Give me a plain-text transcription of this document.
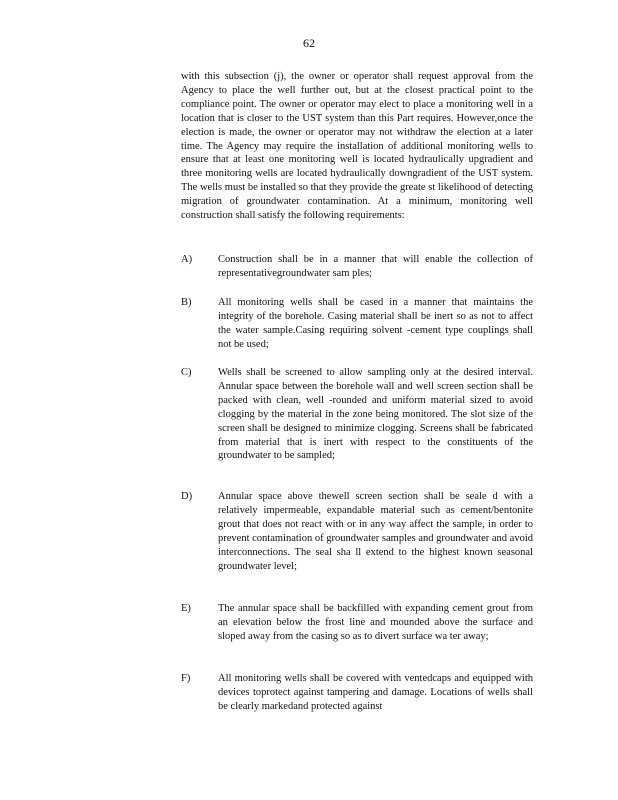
62
with this subsection (j), the owner or operator shall request approval from the Agency to place the well further out, but at the closest practical point to the compliance point. The owner or operator may elect to place a monitoring well in a location that is closer to the UST system than this Part requires. However,once the election is made, the owner or operator may not withdraw the election at a later time. The Agency may require the installation of additional monitoring wells to ensure that at least one monitoring well is located hydraulically upgradient and three monitoring wells are located hydraulically downgradient of the UST system. The wells must be installed so that they provide the greate st likelihood of detecting migration of groundwater contamination. At a minimum, monitoring well construction shall satisfy the following requirements:
A)	Construction shall be in a manner that will enable the collection of representativegroundwater sam ples;
B)	All monitoring wells shall be cased in a manner that maintains the integrity of the borehole. Casing material shall be inert so as not to affect the water sample.Casing requiring solvent -cement type couplings shall not be used;
C)	Wells shall be screened to allow sampling only at the desired interval. Annular space between the borehole wall and well screen section shall be packed with clean, well -rounded and uniform material sized to avoid clogging by the material in the zone being monitored. The slot size of the screen shall be designed to minimize clogging. Screens shall be fabricated from material that is inert with respect to the constituents of the groundwater to be sampled;
D)	Annular space above thewell screen section shall be seale d with a relatively impermeable, expandable material such as cement/bentonite grout that does not react with or in any way affect the sample, in order to prevent contamination of groundwater samples and groundwater and avoid interconnections. The seal sha ll extend to the highest known seasonal groundwater level;
E)	The annular space shall be backfilled with expanding cement grout from an elevation below the frost line and mounded above the surface and sloped away from the casing so as to divert surface wa ter away;
F)	All monitoring wells shall be covered with ventedcaps and equipped with devices toprotect against tampering and damage. Locations of wells shall be clearly markedand protected against
